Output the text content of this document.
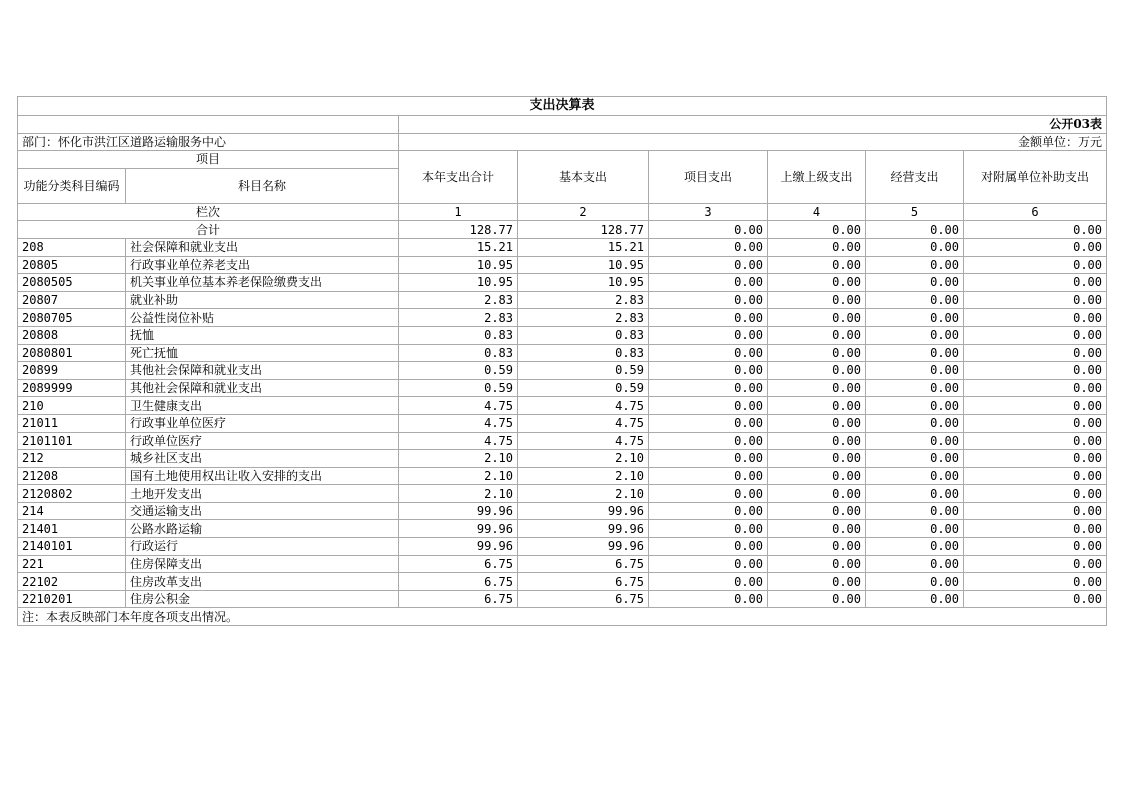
支出决算表							
		公开03表					
部门：怀化市洪江区道路运输服务中心		金额单位：万元					
项目		本年支出合计	基本支出	项目支出	上缴上级支出	经营支出	对附属单位补助支出
功能分类科目编码	科目名称						
栏次		1	2	3	4	5	6
合计		128.77	128.77	0.00	0.00	0.00	0.00
208	社会保障和就业支出	15.21	15.21	0.00	0.00	0.00	0.00
20805	行政事业单位养老支出	10.95	10.95	0.00	0.00	0.00	0.00
2080505	机关事业单位基本养老保险缴费支出	10.95	10.95	0.00	0.00	0.00	0.00
20807	就业补助	2.83	2.83	0.00	0.00	0.00	0.00
2080705	公益性岗位补贴	2.83	2.83	0.00	0.00	0.00	0.00
20808	抚恤	0.83	0.83	0.00	0.00	0.00	0.00
2080801	死亡抚恤	0.83	0.83	0.00	0.00	0.00	0.00
20899	其他社会保障和就业支出	0.59	0.59	0.00	0.00	0.00	0.00
2089999	其他社会保障和就业支出	0.59	0.59	0.00	0.00	0.00	0.00
210	卫生健康支出	4.75	4.75	0.00	0.00	0.00	0.00
21011	行政事业单位医疗	4.75	4.75	0.00	0.00	0.00	0.00
2101101	行政单位医疗	4.75	4.75	0.00	0.00	0.00	0.00
212	城乡社区支出	2.10	2.10	0.00	0.00	0.00	0.00
21208	国有土地使用权出让收入安排的支出	2.10	2.10	0.00	0.00	0.00	0.00
2120802	土地开发支出	2.10	2.10	0.00	0.00	0.00	0.00
214	交通运输支出	99.96	99.96	0.00	0.00	0.00	0.00
21401	公路水路运输	99.96	99.96	0.00	0.00	0.00	0.00
2140101	行政运行	99.96	99.96	0.00	0.00	0.00	0.00
221	住房保障支出	6.75	6.75	0.00	0.00	0.00	0.00
22102	住房改革支出	6.75	6.75	0.00	0.00	0.00	0.00
2210201	住房公积金	6.75	6.75	0.00	0.00	0.00	0.00
注：本表反映部门本年度各项支出情况。							
